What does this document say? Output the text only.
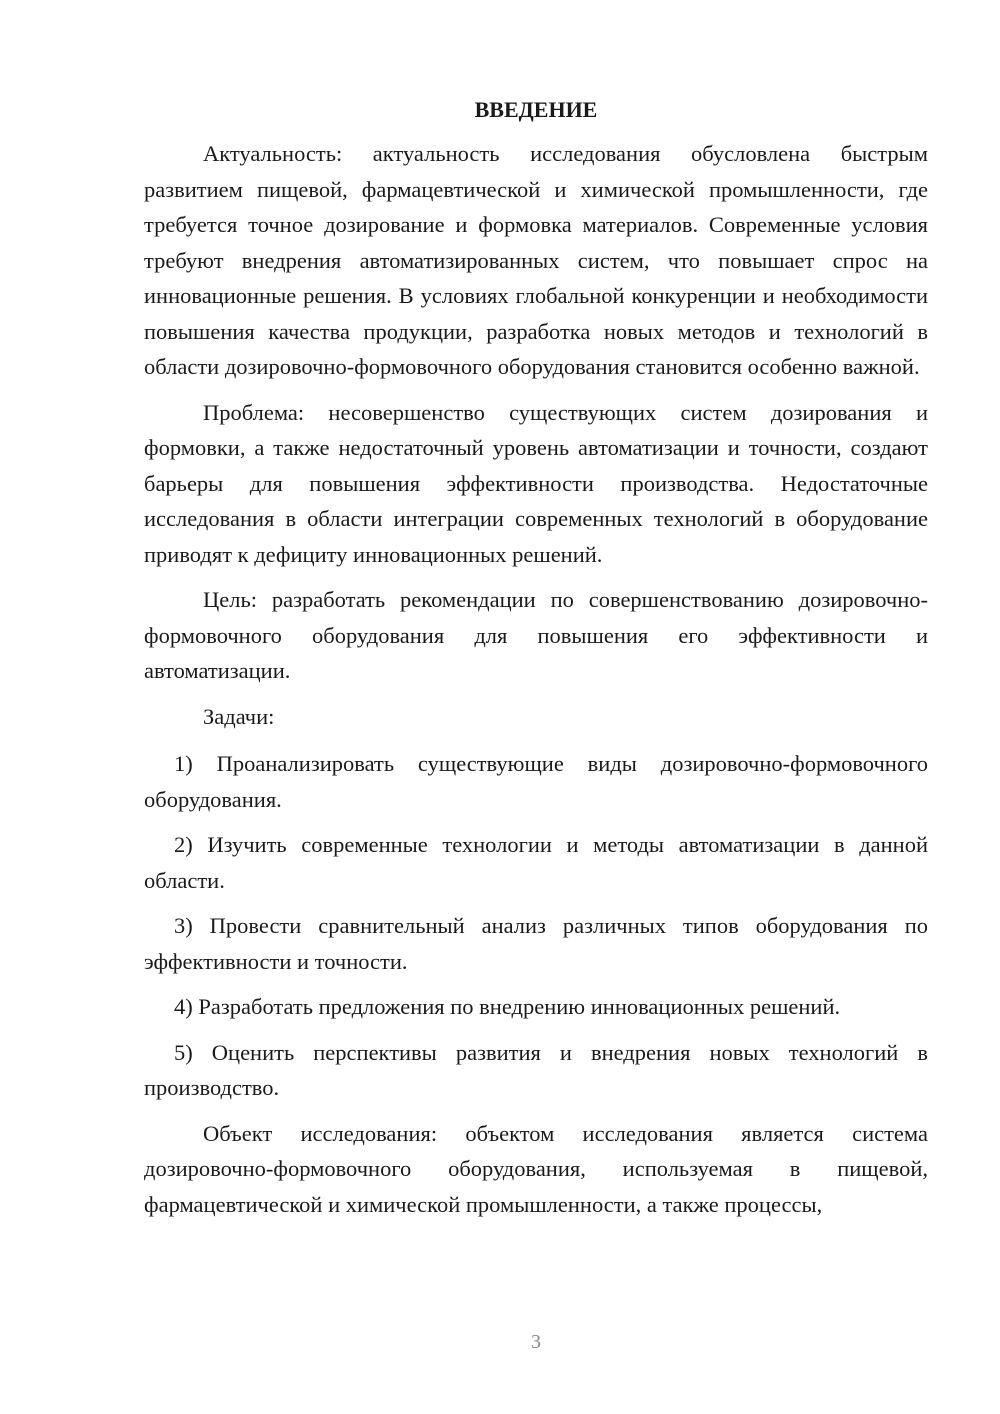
ВВЕДЕНИЕ

Актуальность: актуальность исследования обусловлена быстрым развитием пищевой, фармацевтической и химической промышленности, где требуется точное дозирование и формовка материалов. Современные условия требуют внедрения автоматизированных систем, что повышает спрос на инновационные решения. В условиях глобальной конкуренции и необходимости повышения качества продукции, разработка новых методов и технологий в области дозировочно-формовочного оборудования становится особенно важной.

Проблема: несовершенство существующих систем дозирования и формовки, а также недостаточный уровень автоматизации и точности, создают барьеры для повышения эффективности производства. Недостаточные исследования в области интеграции современных технологий в оборудование приводят к дефициту инновационных решений.

Цель: разработать рекомендации по совершенствованию дозировочно-формовочного оборудования для повышения его эффективности и автоматизации.

Задачи:

1) Проанализировать существующие виды дозировочно-формовочного оборудования.

2) Изучить современные технологии и методы автоматизации в данной области.

3) Провести сравнительный анализ различных типов оборудования по эффективности и точности.

4) Разработать предложения по внедрению инновационных решений.

5) Оценить перспективы развития и внедрения новых технологий в производство.

Объект исследования: объектом исследования является система дозировочно-формовочного оборудования, используемая в пищевой, фармацевтической и химической промышленности, а также процессы,

3
